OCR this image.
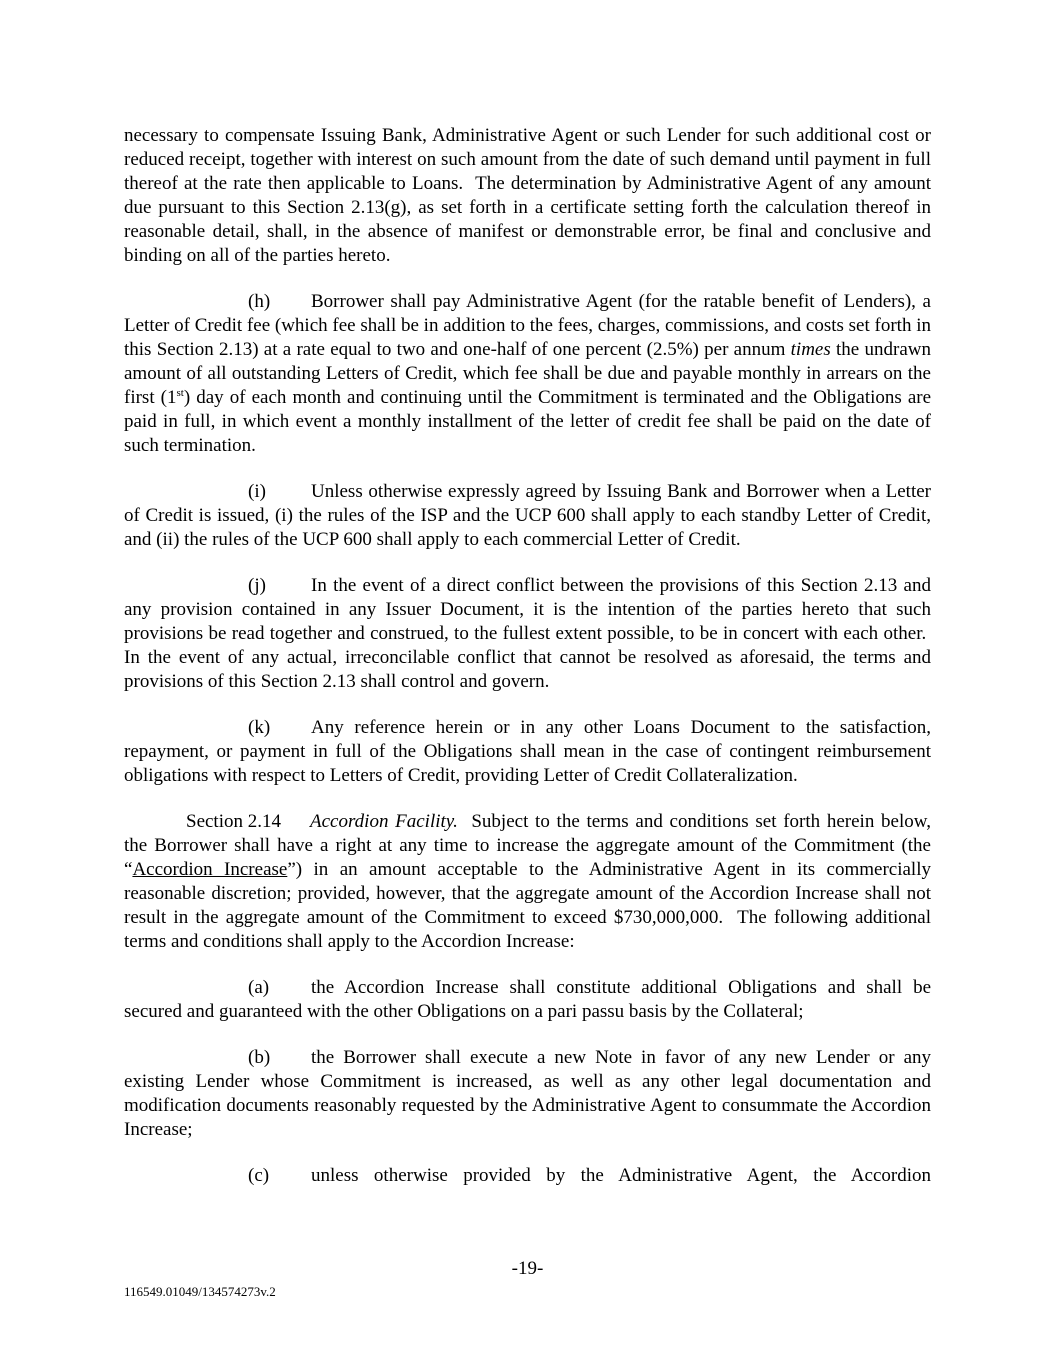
necessary to compensate Issuing Bank, Administrative Agent or such Lender for such additional cost or reduced receipt, together with interest on such amount from the date of such demand until payment in full thereof at the rate then applicable to Loans.  The determination by Administrative Agent of any amount due pursuant to this Section 2.13(g), as set forth in a certificate setting forth the calculation thereof in reasonable detail, shall, in the absence of manifest or demonstrable error, be final and conclusive and binding on all of the parties hereto.

(h) Borrower shall pay Administrative Agent (for the ratable benefit of Lenders), a Letter of Credit fee (which fee shall be in addition to the fees, charges, commissions, and costs set forth in this Section 2.13) at a rate equal to two and one-half of one percent (2.5%) per annum times the undrawn amount of all outstanding Letters of Credit, which fee shall be due and payable monthly in arrears on the first (1st) day of each month and continuing until the Commitment is terminated and the Obligations are paid in full, in which event a monthly installment of the letter of credit fee shall be paid on the date of such termination.

(i) Unless otherwise expressly agreed by Issuing Bank and Borrower when a Letter of Credit is issued, (i) the rules of the ISP and the UCP 600 shall apply to each standby Letter of Credit, and (ii) the rules of the UCP 600 shall apply to each commercial Letter of Credit.

(j) In the event of a direct conflict between the provisions of this Section 2.13 and any provision contained in any Issuer Document, it is the intention of the parties hereto that such provisions be read together and construed, to the fullest extent possible, to be in concert with each other.  In the event of any actual, irreconcilable conflict that cannot be resolved as aforesaid, the terms and provisions of this Section 2.13 shall control and govern.

(k) Any reference herein or in any other Loans Document to the satisfaction, repayment, or payment in full of the Obligations shall mean in the case of contingent reimbursement obligations with respect to Letters of Credit, providing Letter of Credit Collateralization.

Section 2.14 Accordion Facility.  Subject to the terms and conditions set forth herein below, the Borrower shall have a right at any time to increase the aggregate amount of the Commitment (the “Accordion Increase”) in an amount acceptable to the Administrative Agent in its commercially reasonable discretion; provided, however, that the aggregate amount of the Accordion Increase shall not result in the aggregate amount of the Commitment to exceed $730,000,000.  The following additional terms and conditions shall apply to the Accordion Increase:

(a) the Accordion Increase shall constitute additional Obligations and shall be secured and guaranteed with the other Obligations on a pari passu basis by the Collateral;

(b) the Borrower shall execute a new Note in favor of any new Lender or any existing Lender whose Commitment is increased, as well as any other legal documentation and modification documents reasonably requested by the Administrative Agent to consummate the Accordion Increase;

(c) unless otherwise provided by the Administrative Agent, the Accordion

-19-
116549.01049/134574273v.2
